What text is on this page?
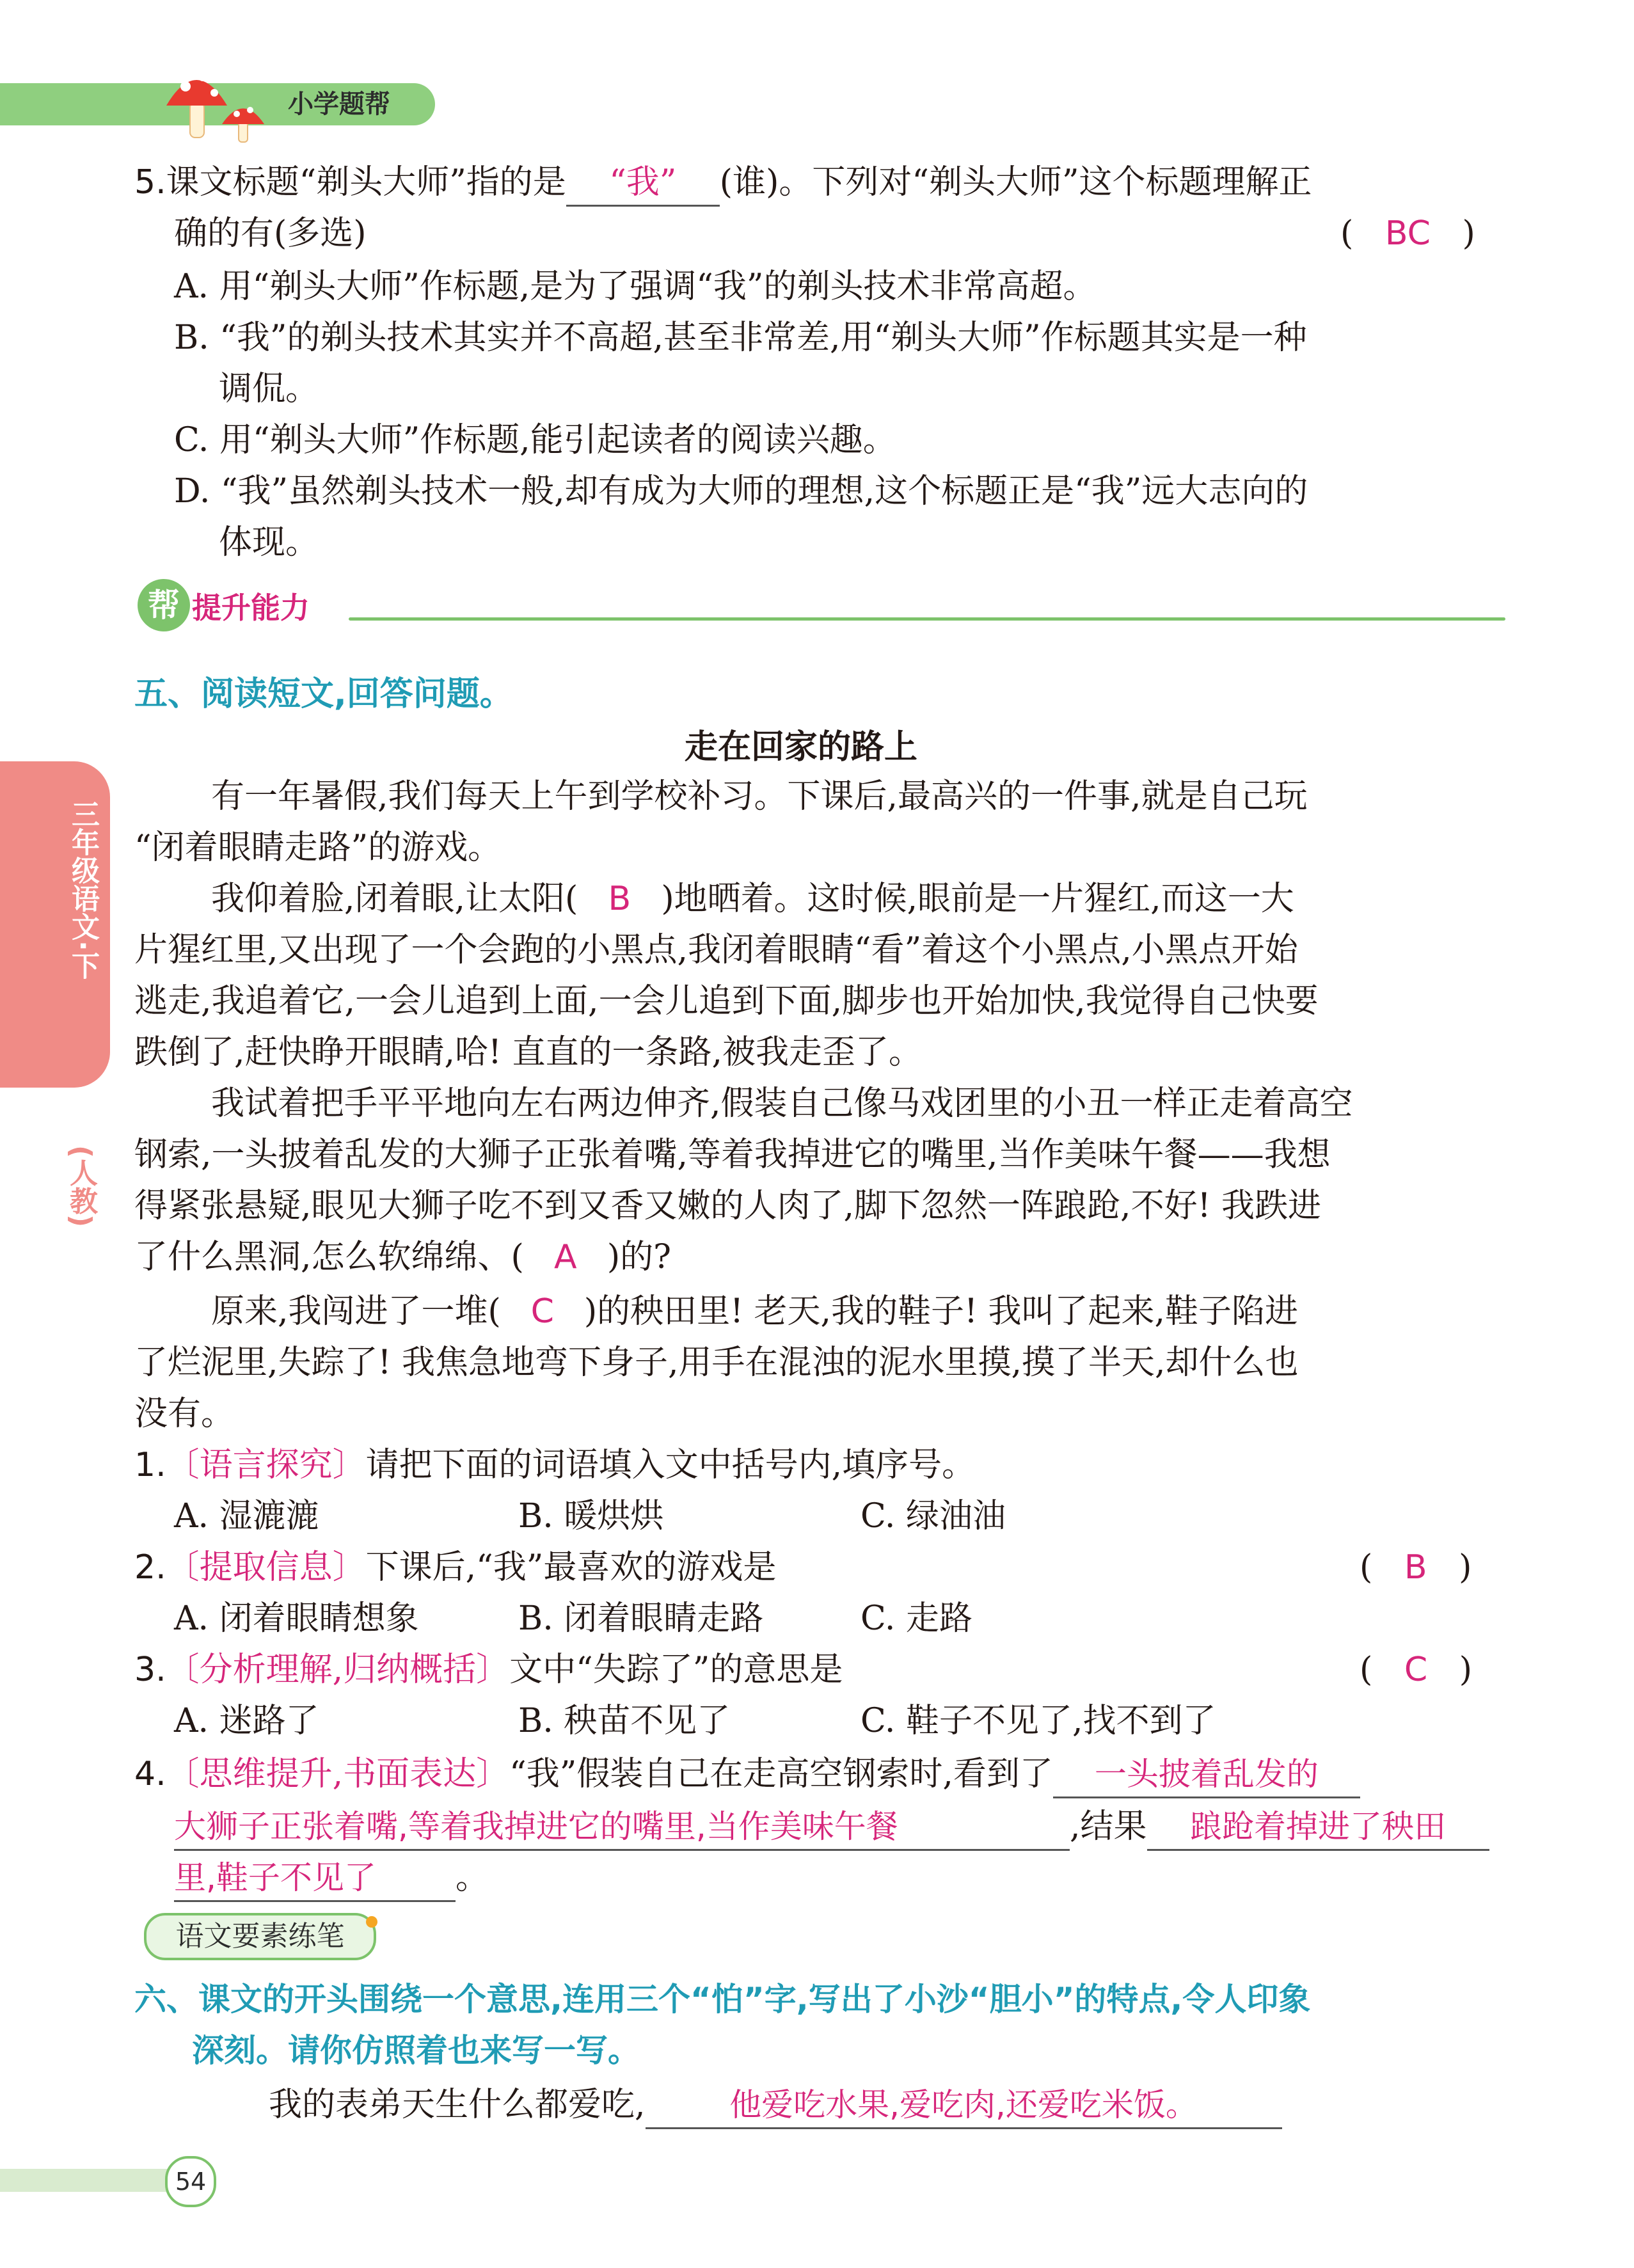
小学题帮
三年级语文·下
(人教)
5.课文标题“剃头大师”指的是 “我” (谁)。下列对“剃头大师”这个标题理解正
确的有(多选)	(   BC   )
A. 用“剃头大师”作标题,是为了强调“我”的剃头技术非常高超。
B. “我”的剃头技术其实并不高超,甚至非常差,用“剃头大师”作标题其实是一种
调侃。
C. 用“剃头大师”作标题,能引起读者的阅读兴趣。
D. “我”虽然剃头技术一般,却有成为大师的理想,这个标题正是“我”远大志向的
体现。
帮 提升能力
五、阅读短文,回答问题。
走在回家的路上
有一年暑假,我们每天上午到学校补习。下课后,最高兴的一件事,就是自己玩
“闭着眼睛走路”的游戏。
我仰着脸,闭着眼,让太阳( B )地晒着。这时候,眼前是一片猩红,而这一大
片猩红里,又出现了一个会跑的小黑点,我闭着眼睛“看”着这个小黑点,小黑点开始
逃走,我追着它,一会儿追到上面,一会儿追到下面,脚步也开始加快,我觉得自己快要
跌倒了,赶快睁开眼睛,哈! 直直的一条路,被我走歪了。
我试着把手平平地向左右两边伸齐,假装自己像马戏团里的小丑一样正走着高空
钢索,一头披着乱发的大狮子正张着嘴,等着我掉进它的嘴里,当作美味午餐——我想
得紧张悬疑,眼见大狮子吃不到又香又嫩的人肉了,脚下忽然一阵踉跄,不好! 我跌进
了什么黑洞,怎么软绵绵、( A )的?
原来,我闯进了一堆( C )的秧田里! 老天,我的鞋子! 我叫了起来,鞋子陷进
了烂泥里,失踪了! 我焦急地弯下身子,用手在混浊的泥水里摸,摸了半天,却什么也
没有。
1.〔语言探究〕请把下面的词语填入文中括号内,填序号。
A. 湿漉漉	B. 暖烘烘	C. 绿油油
2.〔提取信息〕下课后,“我”最喜欢的游戏是	(   B   )
A. 闭着眼睛想象	B. 闭着眼睛走路	C. 走路
3.〔分析理解,归纳概括〕文中“失踪了”的意思是	(   C   )
A. 迷路了	B. 秧苗不见了	C. 鞋子不见了,找不到了
4.〔思维提升,书面表达〕“我”假装自己在走高空钢索时,看到了 一头披着乱发的
大狮子正张着嘴,等着我掉进它的嘴里,当作美味午餐	,结果 踉跄着掉进了秧田
里,鞋子不见了 。
语文要素练笔
六、课文的开头围绕一个意思,连用三个“怕”字,写出了小沙“胆小”的特点,令人印象
深刻。请你仿照着也来写一写。
我的表弟天生什么都爱吃,	他爱吃水果,爱吃肉,还爱吃米饭。
54
